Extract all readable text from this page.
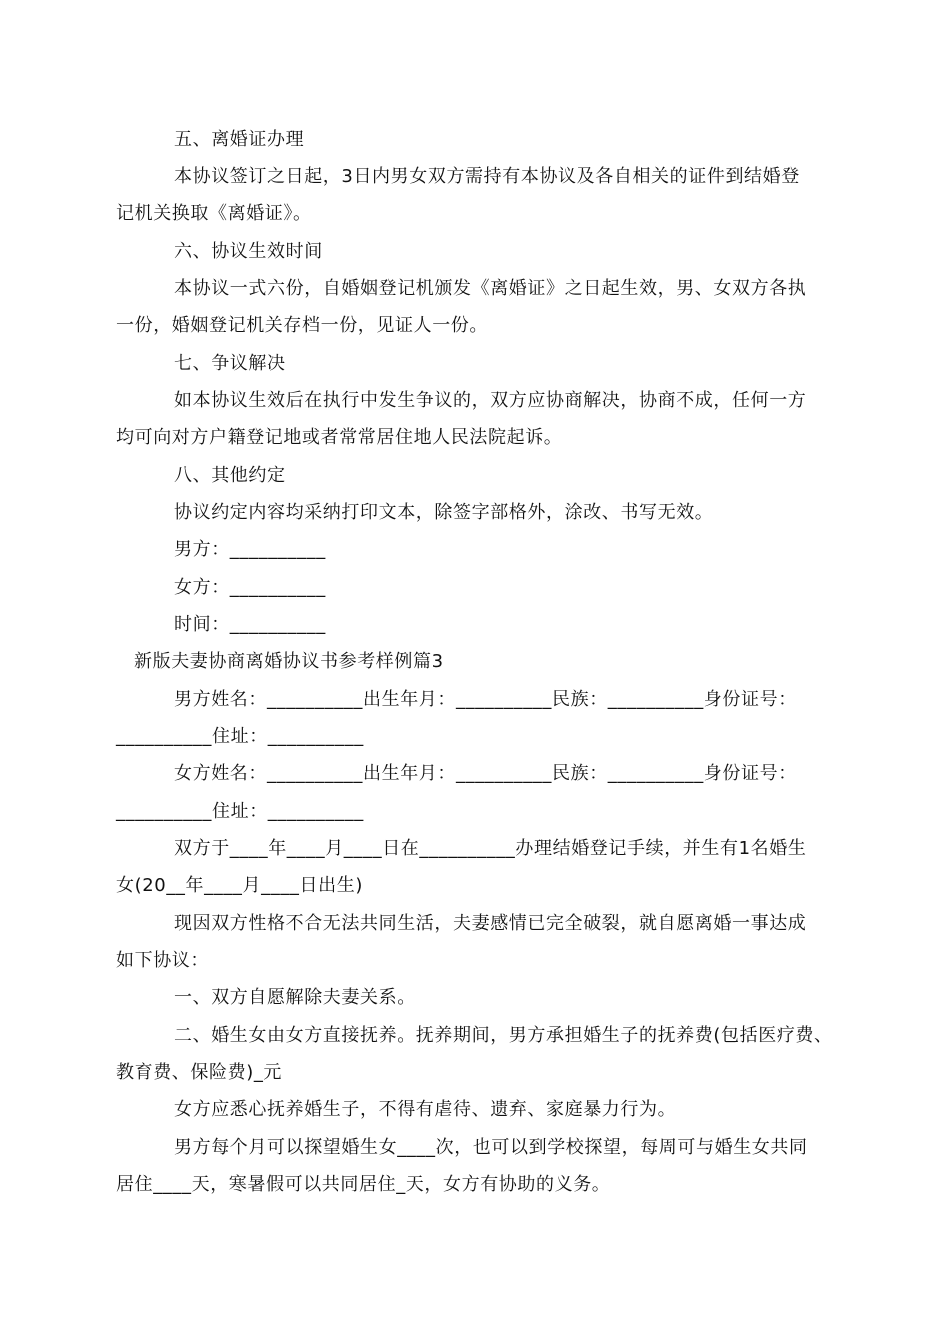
五、离婚证办理
本协议签订之日起，3日内男女双方需持有本协议及各自相关的证件到结婚登
记机关换取《离婚证》。
六、协议生效时间
本协议一式六份，自婚姻登记机颁发《离婚证》之日起生效，男、女双方各执
一份，婚姻登记机关存档一份，见证人一份。
七、争议解决
如本协议生效后在执行中发生争议的，双方应协商解决，协商不成，任何一方
均可向对方户籍登记地或者常常居住地人民法院起诉。
八、其他约定
协议约定内容均采纳打印文本，除签字部格外，涂改、书写无效。
男方：__________
女方：__________
时间：__________
新版夫妻协商离婚协议书参考样例篇3
男方姓名：__________出生年月：__________民族：__________身份证号：
__________住址：__________
女方姓名：__________出生年月：__________民族：__________身份证号：
__________住址：__________
双方于____年____月____日在__________办理结婚登记手续，并生有1名婚生
女(20__年____月____日出生)
现因双方性格不合无法共同生活，夫妻感情已完全破裂，就自愿离婚一事达成
如下协议：
一、双方自愿解除夫妻关系。
二、婚生女由女方直接抚养。抚养期间，男方承担婚生子的抚养费(包括医疗费、
教育费、保险费)_元
女方应悉心抚养婚生子，不得有虐待、遗弃、家庭暴力行为。
男方每个月可以探望婚生女____次，也可以到学校探望，每周可与婚生女共同
居住____天，寒暑假可以共同居住_天，女方有协助的义务。
